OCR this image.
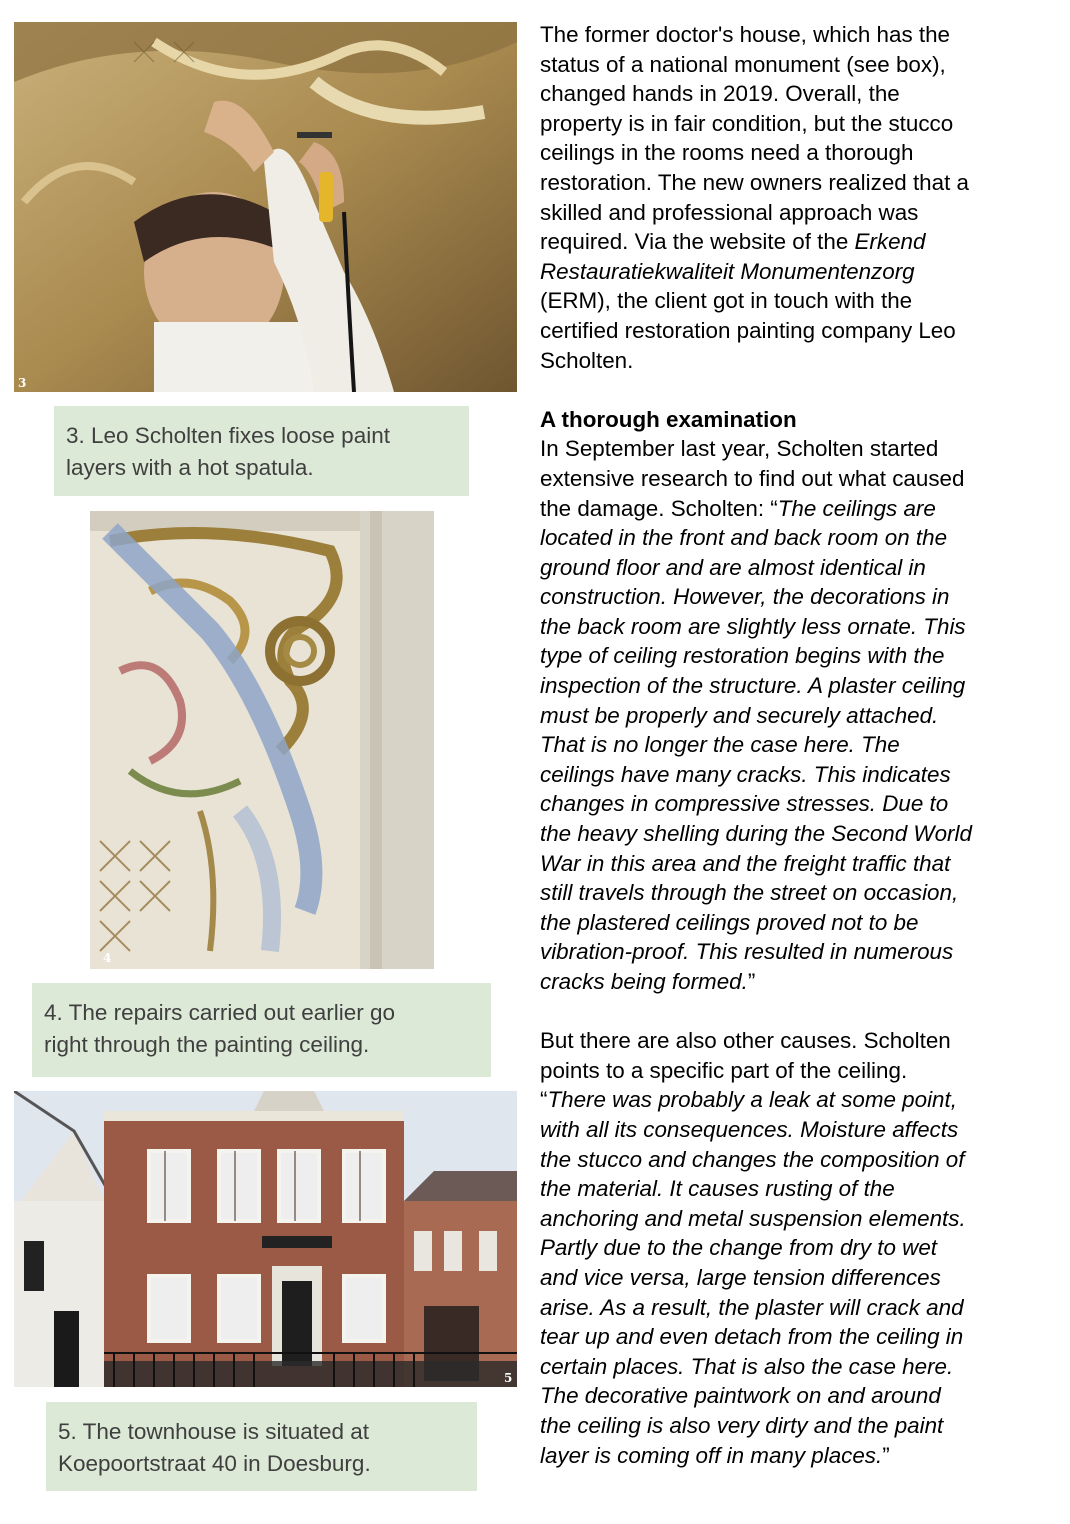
3
3. Leo Scholten fixes loose paint
layers with a hot spatula.
4
4. The repairs carried out earlier go
right through the painting ceiling.
5
5. The townhouse is situated at
Koepoortstraat 40 in Doesburg.

The former doctor's house, which has the
status of a national monument (see box),
changed hands in 2019. Overall, the
property is in fair condition, but the stucco
ceilings in the rooms need a thorough
restoration. The new owners realized that a
skilled and professional approach was
required. Via the website of the Erkend
Restauratiekwaliteit Monumentenzorg
(ERM), the client got in touch with the
certified restoration painting company Leo
Scholten.

A thorough examination

In September last year, Scholten started
extensive research to find out what caused
the damage. Scholten: “The ceilings are
located in the front and back room on the
ground floor and are almost identical in
construction. However, the decorations in
the back room are slightly less ornate. This
type of ceiling restoration begins with the
inspection of the structure. A plaster ceiling
must be properly and securely attached.
That is no longer the case here. The
ceilings have many cracks. This indicates
changes in compressive stresses. Due to
the heavy shelling during the Second World
War in this area and the freight traffic that
still travels through the street on occasion,
the plastered ceilings proved not to be
vibration-proof. This resulted in numerous
cracks being formed.”

But there are also other causes. Scholten
points to a specific part of the ceiling.
“There was probably a leak at some point,
with all its consequences. Moisture affects
the stucco and changes the composition of
the material. It causes rusting of the
anchoring and metal suspension elements.
Partly due to the change from dry to wet
and vice versa, large tension differences
arise. As a result, the plaster will crack and
tear up and even detach from the ceiling in
certain places. That is also the case here.
The decorative paintwork on and around
the ceiling is also very dirty and the paint
layer is coming off in many places.”
